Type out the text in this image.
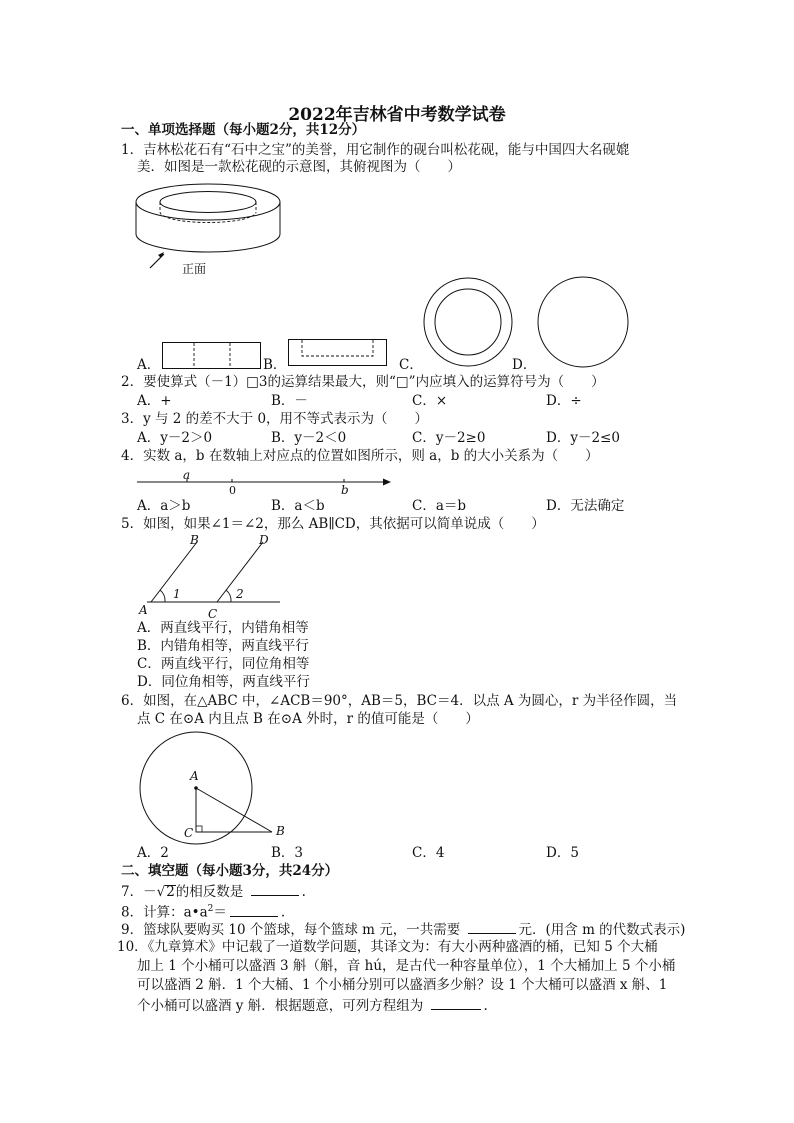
2022年吉林省中考数学试卷
一、单项选择题（每小题2分，共12分）
1．吉林松花石有“石中之宝”的美誉，用它制作的砚台叫松花砚，能与中国四大名砚媲
美．如图是一款松花砚的示意图，其俯视图为（　　）
正面
A．	B．	C．	D．
2．要使算式（－1）□3的运算结果最大，则“□”内应填入的运算符号为（　　）
A．+	B．－	C．×	D．÷
3．y 与 2 的差不大于 0，用不等式表示为（　　）
A．y－2＞0	B．y－2＜0	C．y－2≥0	D．y－2≤0
4．实数 a，b 在数轴上对应点的位置如图所示，则 a，b 的大小关系为（　　）
a
0	b
A．a＞b	B．a＜b	C．a＝b	D．无法确定
5．如图，如果∠1＝∠2，那么 AB∥CD，其依据可以简单说成（　　）
B	D
1	2
A	C
A．两直线平行，内错角相等
B．内错角相等，两直线平行
C．两直线平行，同位角相等
D．同位角相等，两直线平行
6．如图，在△ABC 中，∠ACB＝90°，AB＝5，BC＝4．以点 A 为圆心，r 为半径作圆，当
点 C 在⊙A 内且点 B 在⊙A 外时，r 的值可能是（　　）
A
C	B
A．2	B．3	C．4	D．5
二、填空题（每小题3分，共24分）
7．－√2的相反数是	.
8．计算：$a•a^2=$	.
9．篮球队要购买 10 个篮球，每个篮球 m 元，一共需要	元．(用含 m 的代数式表示)
10．《九章算术》中记载了一道数学问题，其译文为：有大小两种盛酒的桶，已知 5 个大桶
加上 1 个小桶可以盛酒 3 斛（斛，音 hú，是古代一种容量单位），1 个大桶加上 5 个小桶
可以盛酒 2 斛．1 个大桶、1 个小桶分别可以盛酒多少斛？设 1 个大桶可以盛酒 x 斛、1
个小桶可以盛酒 y 斛．根据题意，可列方程组为	.
